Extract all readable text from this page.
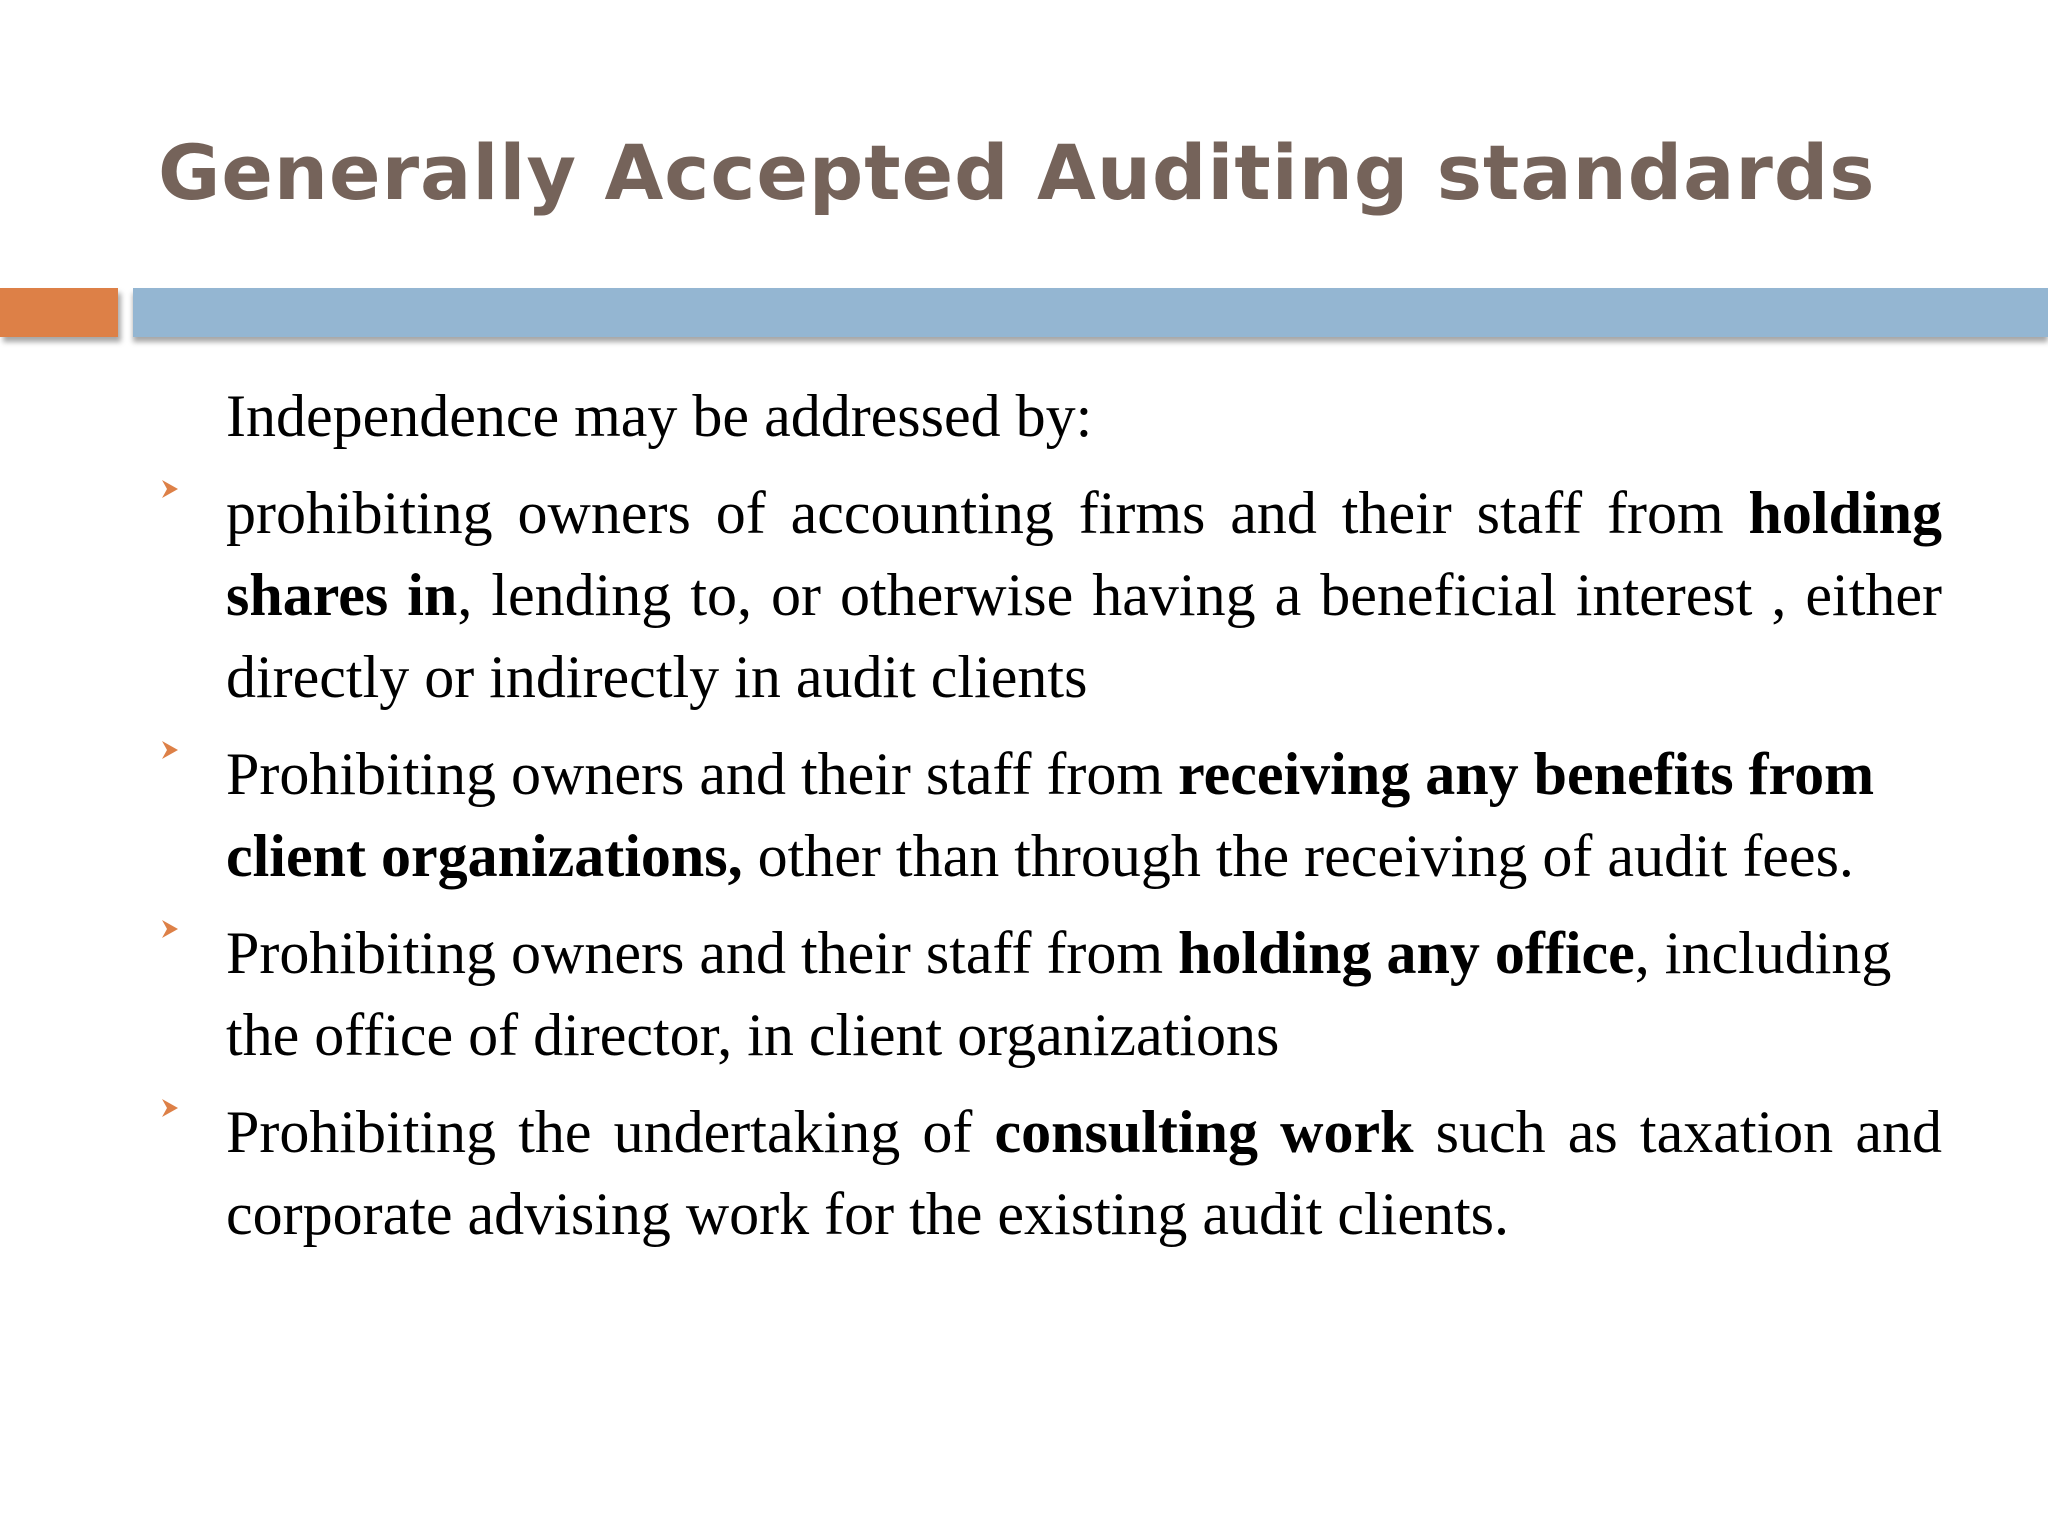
Generally Accepted Auditing standards
Independence may be addressed by:
prohibiting owners of accounting firms and their staff from holding shares in, lending to, or otherwise having a beneficial interest , either directly or indirectly in audit clients
Prohibiting owners and their staff from receiving any benefits from client organizations, other than through the receiving of audit fees.
Prohibiting owners and their staff from holding any office, including the office of director, in client organizations
Prohibiting the undertaking of consulting work such as taxation and corporate advising work for the existing audit clients.
